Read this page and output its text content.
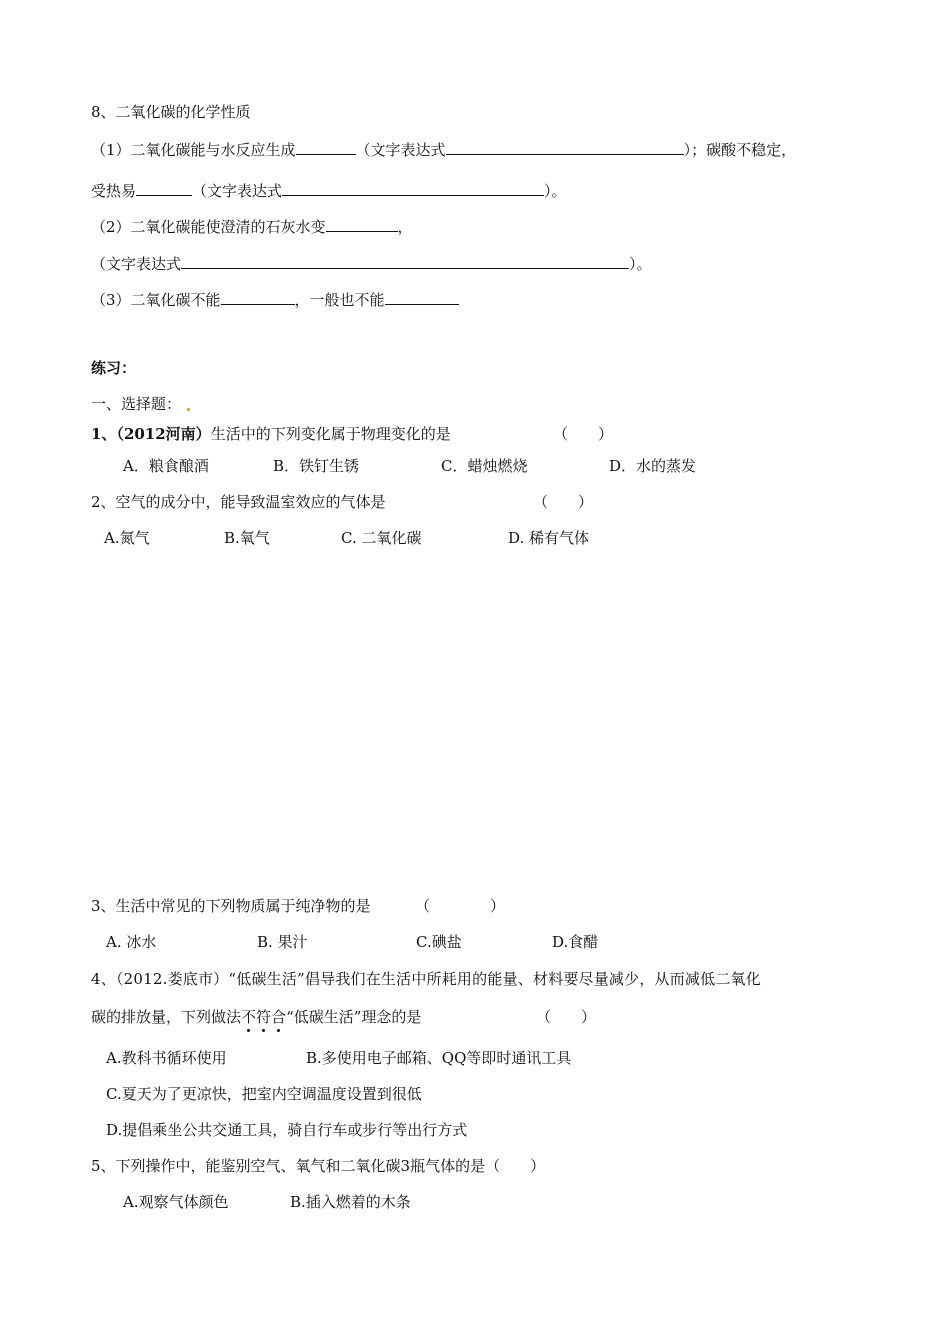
8、二氧化碳的化学性质
（1）二氧化碳能与水反应生成	（文字表达式	）；碳酸不稳定，
受热易	（文字表达式	）。
（2）二氧化碳能使澄清的石灰水变	，
（文字表达式	）。
（3）二氧化碳不能	，一般也不能
练习：
一、选择题：
1、（2012河南）生活中的下列变化属于物理变化的是	（　　）
A．粮食酿酒	B．铁钉生锈	C．蜡烛燃烧	D．水的蒸发
2、空气的成分中，能导致温室效应的气体是	（　　）
A.氮气	B.氧气	C. 二氧化碳	D. 稀有气体
3、生活中常见的下列物质属于纯净物的是	（　　　　）
A. 冰水	B. 果汁	C.碘盐	D.食醋
4、（2012.娄底市）“低碳生活”倡导我们在生活中所耗用的能量、材料要尽量减少，从而减低二氧化
碳的排放量，下列做法不符合“低碳生活”理念的是	（　　）
A.教科书循环使用	B.多使用电子邮箱、QQ等即时通讯工具
C.夏天为了更凉快，把室内空调温度设置到很低
D.提倡乘坐公共交通工具，骑自行车或步行等出行方式
5、下列操作中，能鉴别空气、氧气和二氧化碳3瓶气体的是（　　）
A.观察气体颜色	B.插入燃着的木条
